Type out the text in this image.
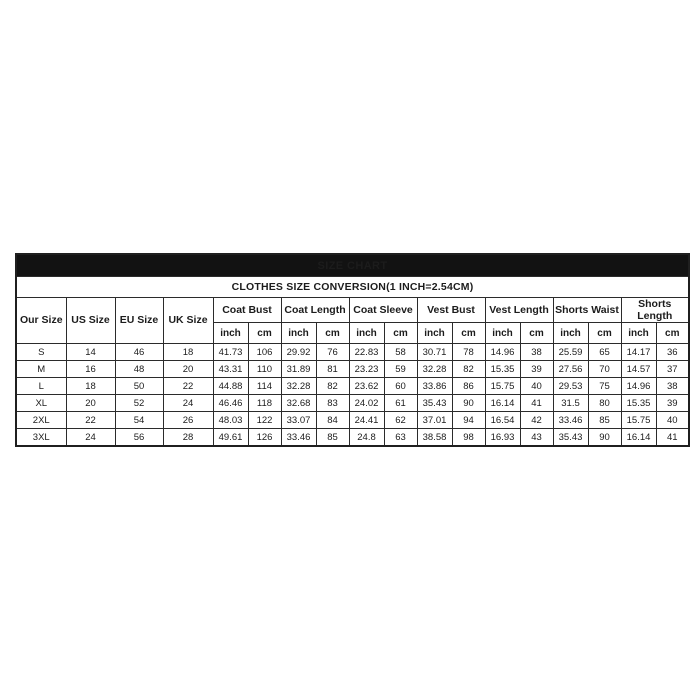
SIZE CHART																	
CLOTHES SIZE CONVERSION(1 INCH=2.54CM)																	
Our Size	US Size	EU Size	UK Size	Coat Bust		Coat Length		Coat Sleeve		Vest Bust		Vest Length		Shorts Waist		Shorts Length	
				inch	cm	inch	cm	inch	cm	inch	cm	inch	cm	inch	cm	inch	cm
S	14	46	18	41.73	106	29.92	76	22.83	58	30.71	78	14.96	38	25.59	65	14.17	36
M	16	48	20	43.31	110	31.89	81	23.23	59	32.28	82	15.35	39	27.56	70	14.57	37
L	18	50	22	44.88	114	32.28	82	23.62	60	33.86	86	15.75	40	29.53	75	14.96	38
XL	20	52	24	46.46	118	32.68	83	24.02	61	35.43	90	16.14	41	31.5	80	15.35	39
2XL	22	54	26	48.03	122	33.07	84	24.41	62	37.01	94	16.54	42	33.46	85	15.75	40
3XL	24	56	28	49.61	126	33.46	85	24.8	63	38.58	98	16.93	43	35.43	90	16.14	41
